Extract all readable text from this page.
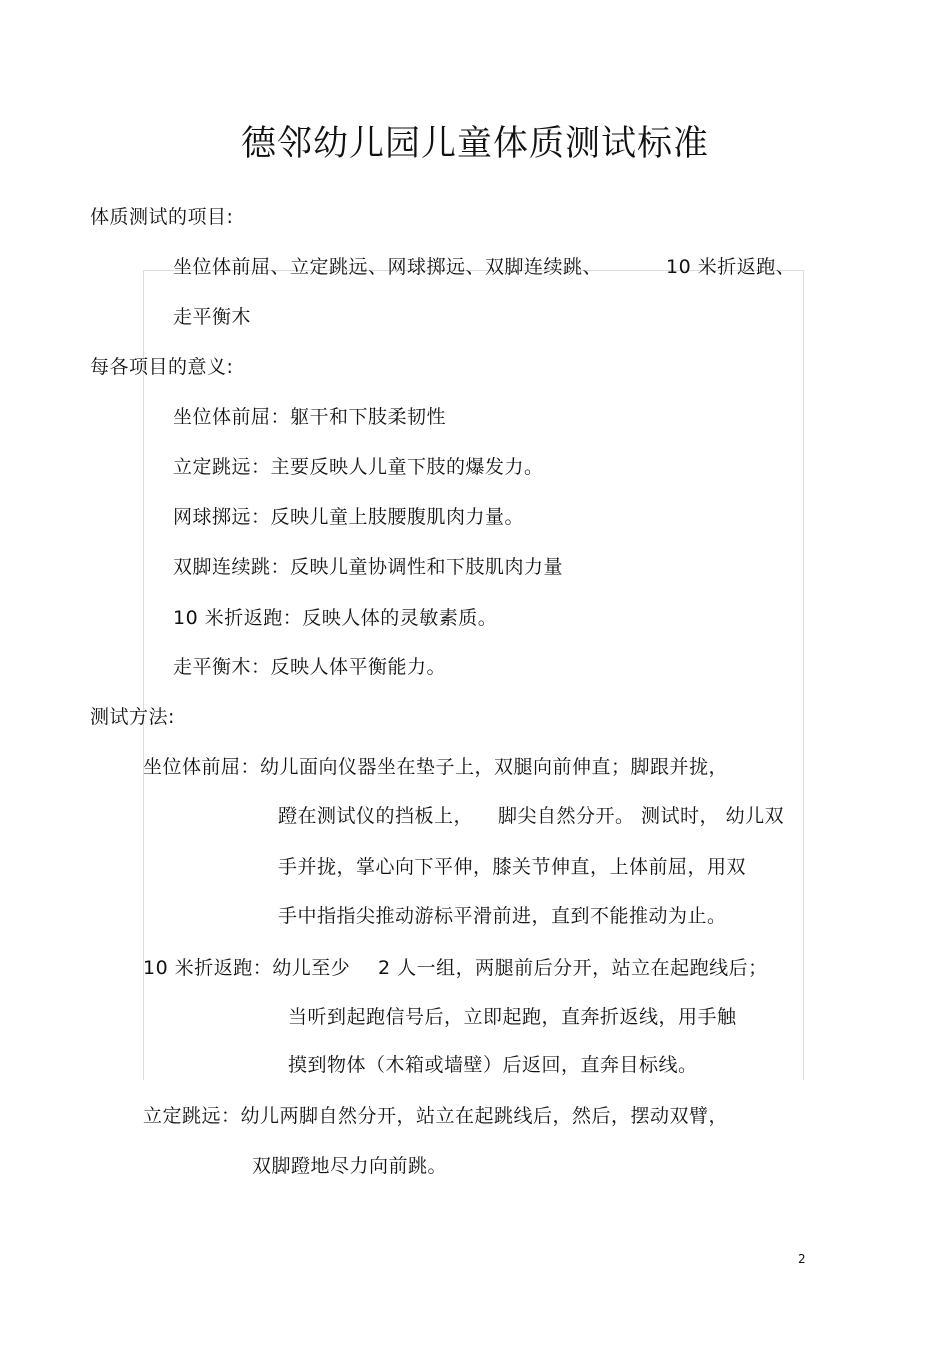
德邻幼儿园儿童体质测试标准
体质测试的项目:
坐位体前屈、立定跳远、网球掷远、双脚连续跳、	10 米折返跑、
走平衡木
每各项目的意义:
坐位体前屈：躯干和下肢柔韧性
立定跳远：主要反映人儿童下肢的爆发力。
网球掷远：反映儿童上肢腰腹肌肉力量。
双脚连续跳：反映儿童协调性和下肢肌肉力量
10 米折返跑：反映人体的灵敏素质。
走平衡木：反映人体平衡能力。
测试方法:
坐位体前屈：幼儿面向仪器坐在垫子上，双腿向前伸直；脚跟并拢，
蹬在测试仪的挡板上， 脚尖自然分开。 测试时， 幼儿双
手并拢，掌心向下平伸，膝关节伸直，上体前屈，用双
手中指指尖推动游标平滑前进，直到不能推动为止。
10 米折返跑：幼儿至少 2 人一组，两腿前后分开，站立在起跑线后；
当听到起跑信号后，立即起跑，直奔折返线，用手触
摸到物体（木箱或墙壁）后返回，直奔目标线。
立定跳远：幼儿两脚自然分开，站立在起跳线后，然后，摆动双臂，
双脚蹬地尽力向前跳。
2
